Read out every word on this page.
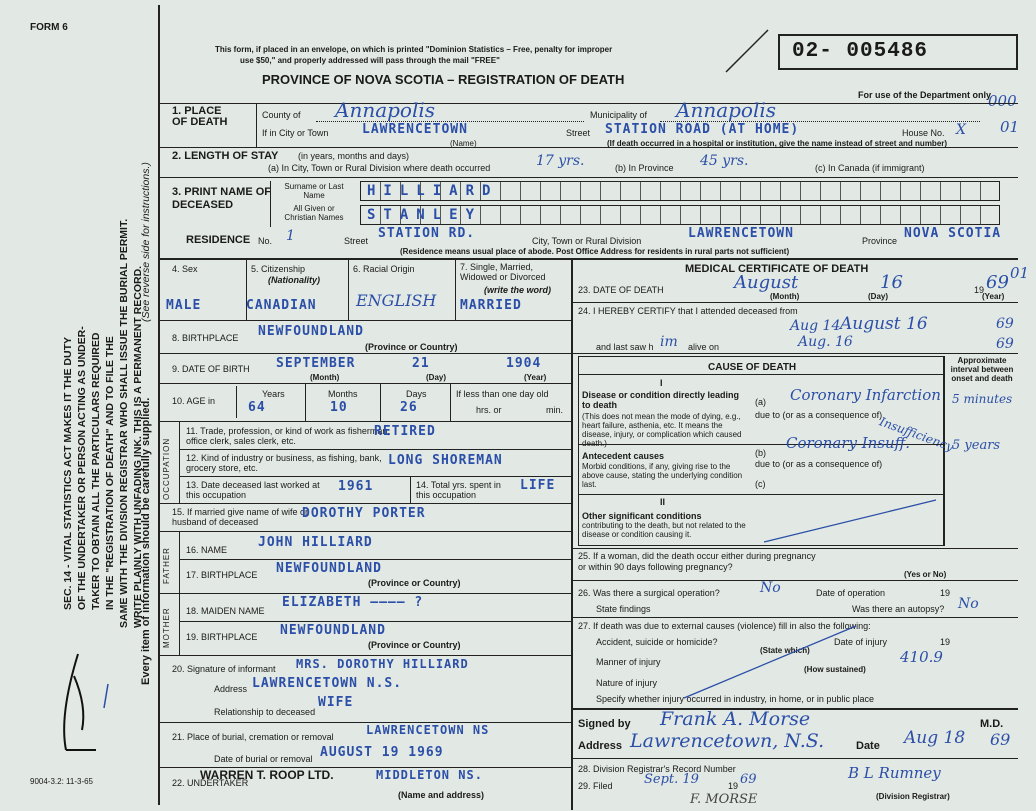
FORM 6
SEC. 14 - VITAL STATISTICS ACT MAKES IT THE DUTY OF THE UNDERTAKER OR PERSON ACTING AS UNDER- TAKER TO OBTAIN ALL THE PARTICULARS REQUIRED IN THE "REGISTRATION OF DEATH" AND TO FILE THE SAME WITH THE DIVISION REGISTRAR WHO SHALL ISSUE THE BURIAL PERMIT. WRITE PLAINLY WITH UNFADING INK. THIS IS A PERMANENT RECORD.
(See reverse side for instructions.)
Every item of information should be carefully supplied.
9004-3.2: 11-3-65
This form, if placed in an envelope, on which is printed "Dominion Statistics – Free, penalty for improper
use $50," and properly addressed will pass through the mail "FREE"
PROVINCE OF NOVA SCOTIA – REGISTRATION OF DEATH
02- 005486
For use of the Department only
000
01
01
1. PLACE OF DEATH
County of Annapolis	Municipality of Annapolis
If in City or Town	LAWRENCETOWN
(Name)
Street STATION ROAD (AT HOME)	House No. X
(If death occurred in a hospital or institution, give the name instead of street and number)
2. LENGTH OF STAY (in years, months and days)
(a) In City, Town or Rural Division where death occurred	17 yrs.	(b) In Province 45 yrs.	(c) In Canada (if immigrant)
3. PRINT NAME OF DECEASED
Surname or Last Name
All Given or Christian Names
HILLIARD
STANLEY
RESIDENCE No. 1	Street STATION RD.	City, Town or Rural Division	LAWRENCETOWN	Province NOVA SCOTIA
(Residence means usual place of abode. Post Office Address for residents in rural parts not sufficient)
4. Sex	5. Citizenship
(Nationality)
6. Racial Origin	7. Single, Married, Widowed or Divorced
(write the word)
MALE	CANADIAN ENGLISH MARRIED
8. BIRTHPLACE NEWFOUNDLAND
(Province or Country)
9. DATE OF BIRTH SEPTEMBER	21	1904
(Month)	(Day)	(Year)
10. AGE in
Years	Months	Days
64	10	26
If less than one day old
hrs. or	min.
OCCUPATION
11. Trade, profession, or kind of work as fisherman, office clerk, sales clerk, etc.
RETIRED
12. Kind of industry or business, as fishing, bank, grocery store, etc.	LONG SHOREMAN
13. Date deceased last worked at this occupation
1961	14. Total yrs. spent in this occupation
LIFE
15. If married give name of wife or husband of deceased
DOROTHY PORTER
FATHER 16. NAME JOHN HILLIARD
17. BIRTHPLACE NEWFOUNDLAND
(Province or Country)
MOTHER 18. MAIDEN NAME
ELIZABETH ———— ?
19. BIRTHPLACE NEWFOUNDLAND
(Province or Country)
20. Signature of informant MRS. DOROTHY HILLIARD
Address LAWRENCETOWN N.S.
Relationship to deceased
WIFE
21. Place of burial, cremation or removal	LAWRENCETOWN NS
Date of burial or removal AUGUST 19 1969
22. UNDERTAKER
WARREN T. ROOP LTD.	MIDDLETON NS.
(Name and address)
MEDICAL CERTIFICATE OF DEATH
23. DATE OF DEATH	August	16	19 69
(Month)	(Day)	(Year)
24. I HEREBY CERTIFY that I attended deceased from
Aug 14 August 16	69
and last saw h im alive on	Aug. 16	69
CAUSE OF DEATH
Approximate interval between onset and death
I
Disease or condition directly leading to death
(This does not mean the mode of dying, e.g., heart failure, asthenia, etc. It means the disease, injury, or complication which caused death.)
(a) Coronary Infarction 5 minutes
due to (or as a consequence of)
Insufficiency
Antecedent causes
Morbid conditions, if any, giving rise to the above cause, stating the underlying condition last.
(b)
Coronary Insuff.	5 years
due to (or as a consequence of)
(c)
II
Other significant conditions
contributing to the death, but not related to the disease or condition causing it.
25. If a woman, did the death occur either during pregnancy or within 90 days following pregnancy?
(Yes or No)
26. Was there a surgical operation?	No	Date of operation	19
State findings	Was there an autopsy? No
27. If death was due to external causes (violence) fill in also the following:
Accident, suicide or homicide?
(State which)
Date of injury	19
Manner of injury	410.9
(How sustained)
Nature of injury
Specify whether injury occurred in industry, in home, or in public place
Signed by Frank A. Morse	M.D.
Address Lawrencetown, N.S.	Date Aug 18 69
28. Division Registrar's Record Number
29. Filed Sept. 19	19 69	B L Rumney
(Division Registrar)
F. MORSE
